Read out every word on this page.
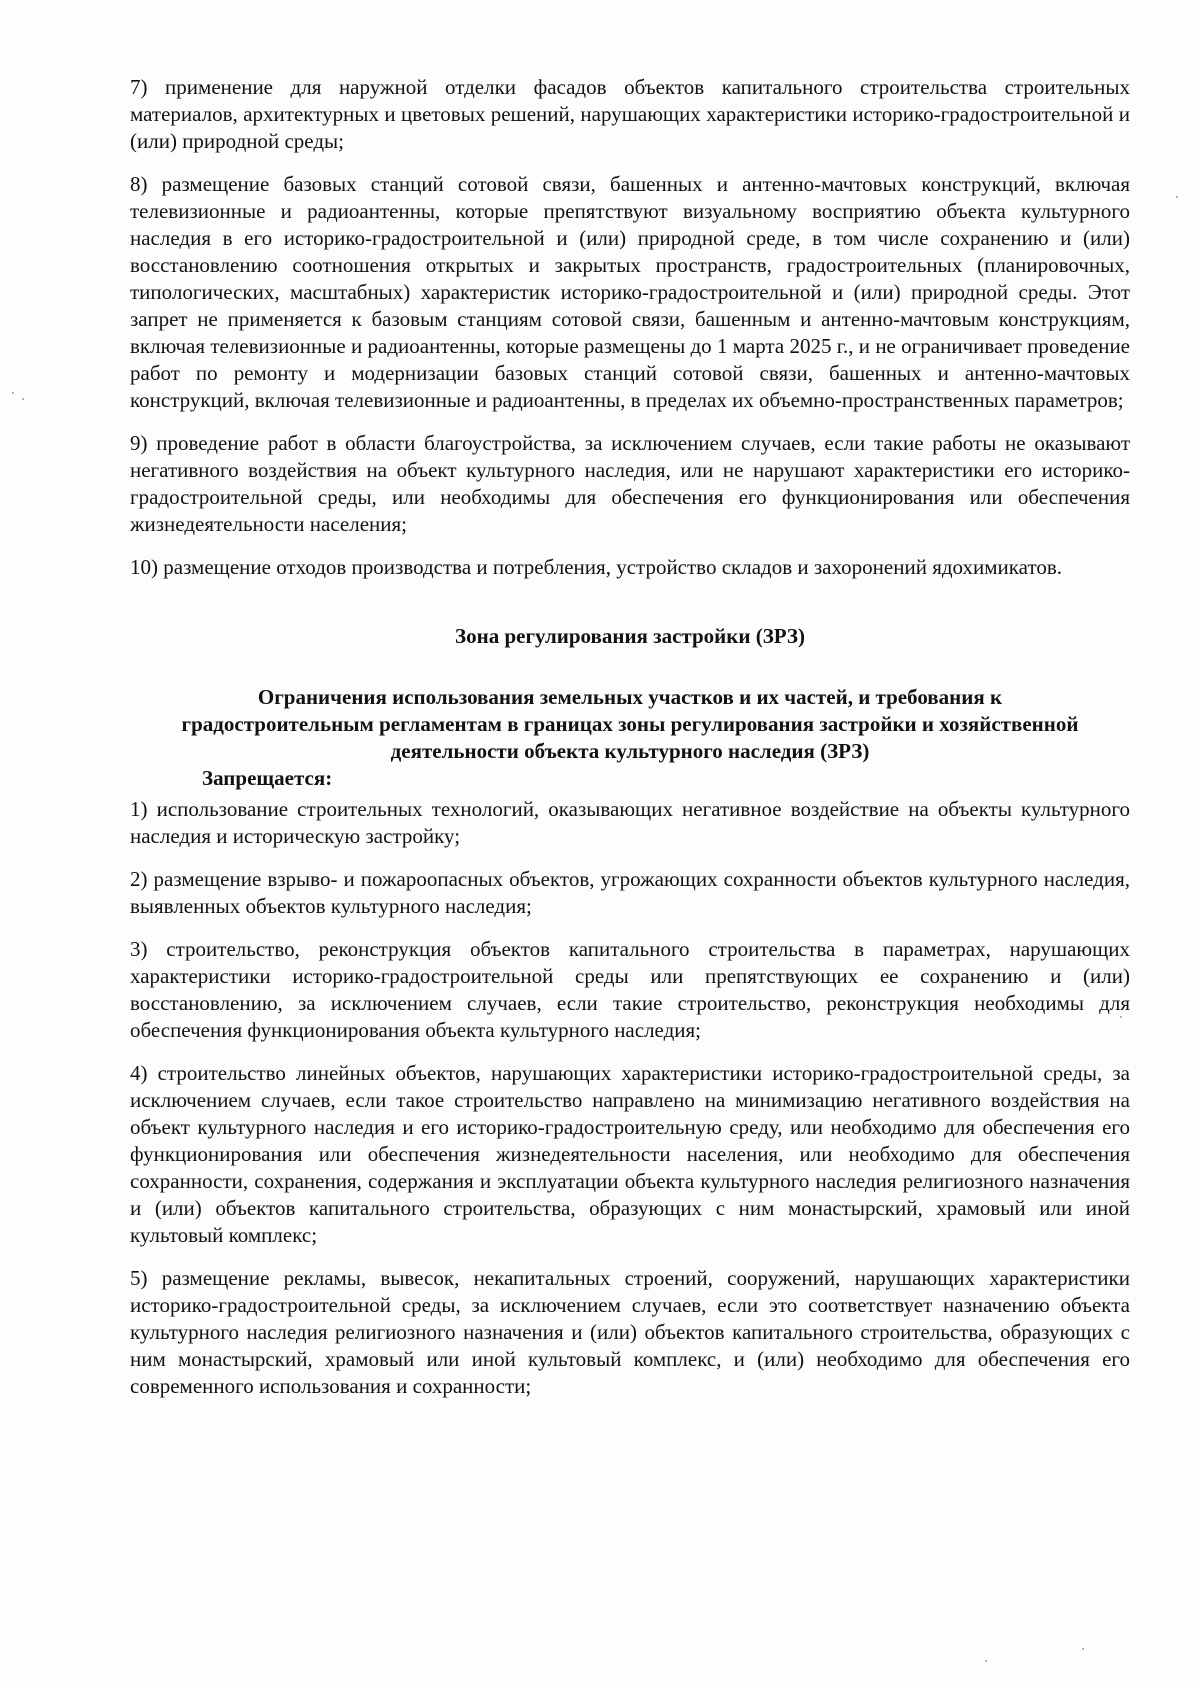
7) применение для наружной отделки фасадов объектов капитального строительства строительных материалов, архитектурных и цветовых решений, нарушающих характеристики историко-градостроительной и (или) природной среды;

8) размещение базовых станций сотовой связи, башенных и антенно-мачтовых конструкций, включая телевизионные и радиоантенны, которые препятствуют визуальному восприятию объекта культурного наследия в его историко-градостроительной и (или) природной среде, в том числе сохранению и (или) восстановлению соотношения открытых и закрытых пространств, градостроительных (планировочных, типологических, масштабных) характеристик историко-градостроительной и (или) природной среды. Этот запрет не применяется к базовым станциям сотовой связи, башенным и антенно-мачтовым конструкциям, включая телевизионные и радиоантенны, которые размещены до 1 марта 2025 г., и не ограничивает проведение работ по ремонту и модернизации базовых станций сотовой связи, башенных и антенно-мачтовых конструкций, включая телевизионные и радиоантенны, в пределах их объемно-пространственных параметров;

9) проведение работ в области благоустройства, за исключением случаев, если такие работы не оказывают негативного воздействия на объект культурного наследия, или не нарушают характеристики его историко-градостроительной среды, или необходимы для обеспечения его функционирования или обеспечения жизнедеятельности населения;

10) размещение отходов производства и потребления, устройство складов и захоронений ядохимикатов.

Зона регулирования застройки (ЗРЗ)
Ограничения использования земельных участков и их частей, и требования к градостроительным регламентам в границах зоны регулирования застройки и хозяйственной деятельности объекта культурного наследия (ЗРЗ)
Запрещается:

1) использование строительных технологий, оказывающих негативное воздействие на объекты культурного наследия и историческую застройку;

2) размещение взрыво- и пожароопасных объектов, угрожающих сохранности объектов культурного наследия, выявленных объектов культурного наследия;

3) строительство, реконструкция объектов капитального строительства в параметрах, нарушающих характеристики историко-градостроительной среды или препятствующих ее сохранению и (или) восстановлению, за исключением случаев, если такие строительство, реконструкция необходимы для обеспечения функционирования объекта культурного наследия;

4) строительство линейных объектов, нарушающих характеристики историко-градостроительной среды, за исключением случаев, если такое строительство направлено на минимизацию негативного воздействия на объект культурного наследия и его историко-градостроительную среду, или необходимо для обеспечения его функционирования или обеспечения жизнедеятельности населения, или необходимо для обеспечения сохранности, сохранения, содержания и эксплуатации объекта культурного наследия религиозного назначения и (или) объектов капитального строительства, образующих с ним монастырский, храмовый или иной культовый комплекс;

5) размещение рекламы, вывесок, некапитальных строений, сооружений, нарушающих характеристики историко-градостроительной среды, за исключением случаев, если это соответствует назначению объекта культурного наследия религиозного назначения и (или) объектов капитального строительства, образующих с ним монастырский, храмовый или иной культовый комплекс, и (или) необходимо для обеспечения его современного использования и сохранности;
